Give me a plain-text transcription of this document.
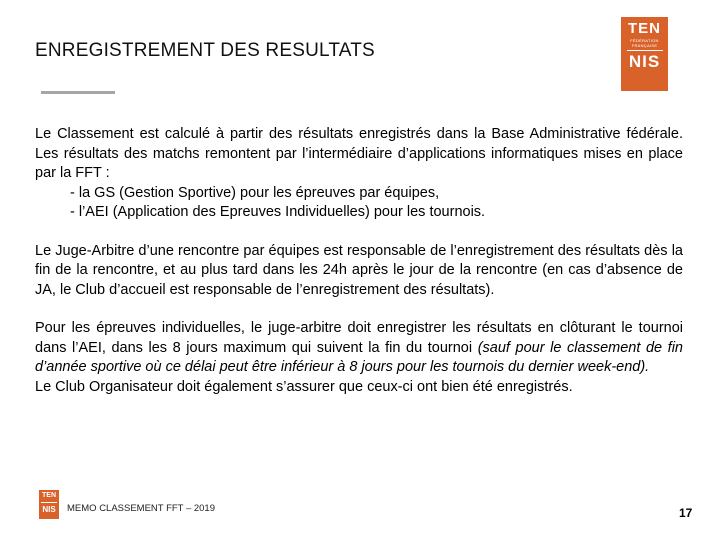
ENREGISTREMENT DES RESULTATS
TEN
FÉDÉRATION FRANÇAISE
NIS

Le Classement est calculé à partir des résultats enregistrés dans la Base Administrative fédérale. Les résultats des matchs remontent par l’intermédiaire d’applications informatiques mises en place par la FFT :

- la GS (Gestion Sportive) pour les épreuves par équipes,

- l’AEI (Application des Epreuves Individuelles) pour les tournois.

Le Juge-Arbitre d’une rencontre par équipes est responsable de l’enregistrement des résultats dès la fin de la rencontre, et au plus tard dans les 24h après le jour de la rencontre (en cas d’absence de JA, le Club d’accueil est responsable de l’enregistrement des résultats).

Pour les épreuves individuelles, le juge-arbitre doit enregistrer les résultats en clôturant le tournoi dans l’AEI, dans les 8 jours maximum qui suivent la fin du tournoi (sauf pour le classement de fin d’année sportive où ce délai peut être inférieur à 8 jours pour les tournois du dernier week-end).

Le Club Organisateur doit également s’assurer que ceux-ci ont bien été enregistrés.

TEN
NIS	MEMO CLASSEMENT FFT – 2019	17
